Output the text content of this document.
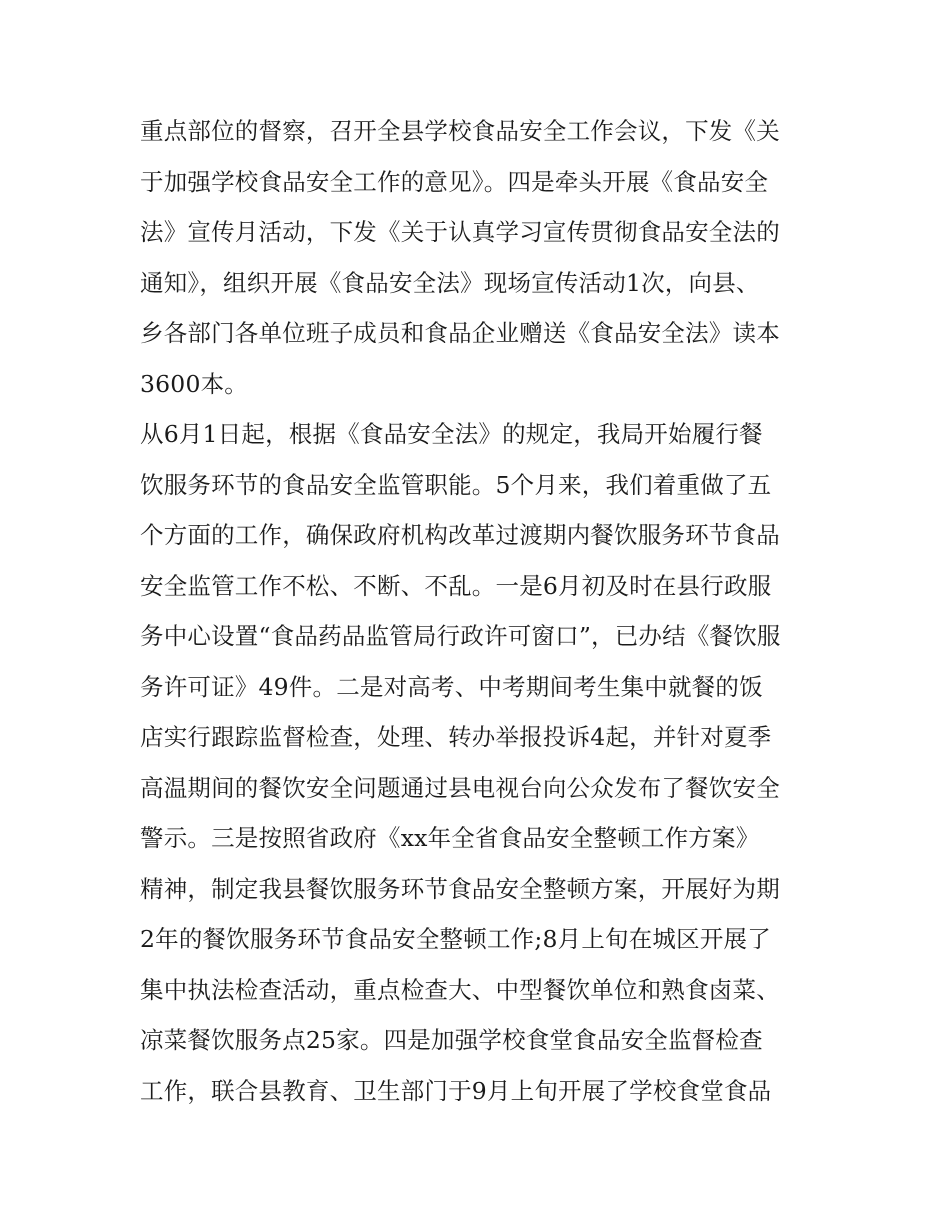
重点部位的督察，召开全县学校食品安全工作会议，下发《关
于加强学校食品安全工作的意见》。四是牵头开展《食品安全
法》宣传月活动，下发《关于认真学习宣传贯彻食品安全法的
通知》，组织开展《食品安全法》现场宣传活动1次，向县、
乡各部门各单位班子成员和食品企业赠送《食品安全法》读本
3600本。
从6月1日起，根据《食品安全法》的规定，我局开始履行餐
饮服务环节的食品安全监管职能。5个月来，我们着重做了五
个方面的工作，确保政府机构改革过渡期内餐饮服务环节食品
安全监管工作不松、不断、不乱。一是6月初及时在县行政服
务中心设置“食品药品监管局行政许可窗口”，已办结《餐饮服
务许可证》49件。二是对高考、中考期间考生集中就餐的饭
店实行跟踪监督检查，处理、转办举报投诉4起，并针对夏季
高温期间的餐饮安全问题通过县电视台向公众发布了餐饮安全
警示。三是按照省政府《xx年全省食品安全整顿工作方案》
精神，制定我县餐饮服务环节食品安全整顿方案，开展好为期
2年的餐饮服务环节食品安全整顿工作;8月上旬在城区开展了
集中执法检查活动，重点检查大、中型餐饮单位和熟食卤菜、
凉菜餐饮服务点25家。四是加强学校食堂食品安全监督检查
工作，联合县教育、卫生部门于9月上旬开展了学校食堂食品
